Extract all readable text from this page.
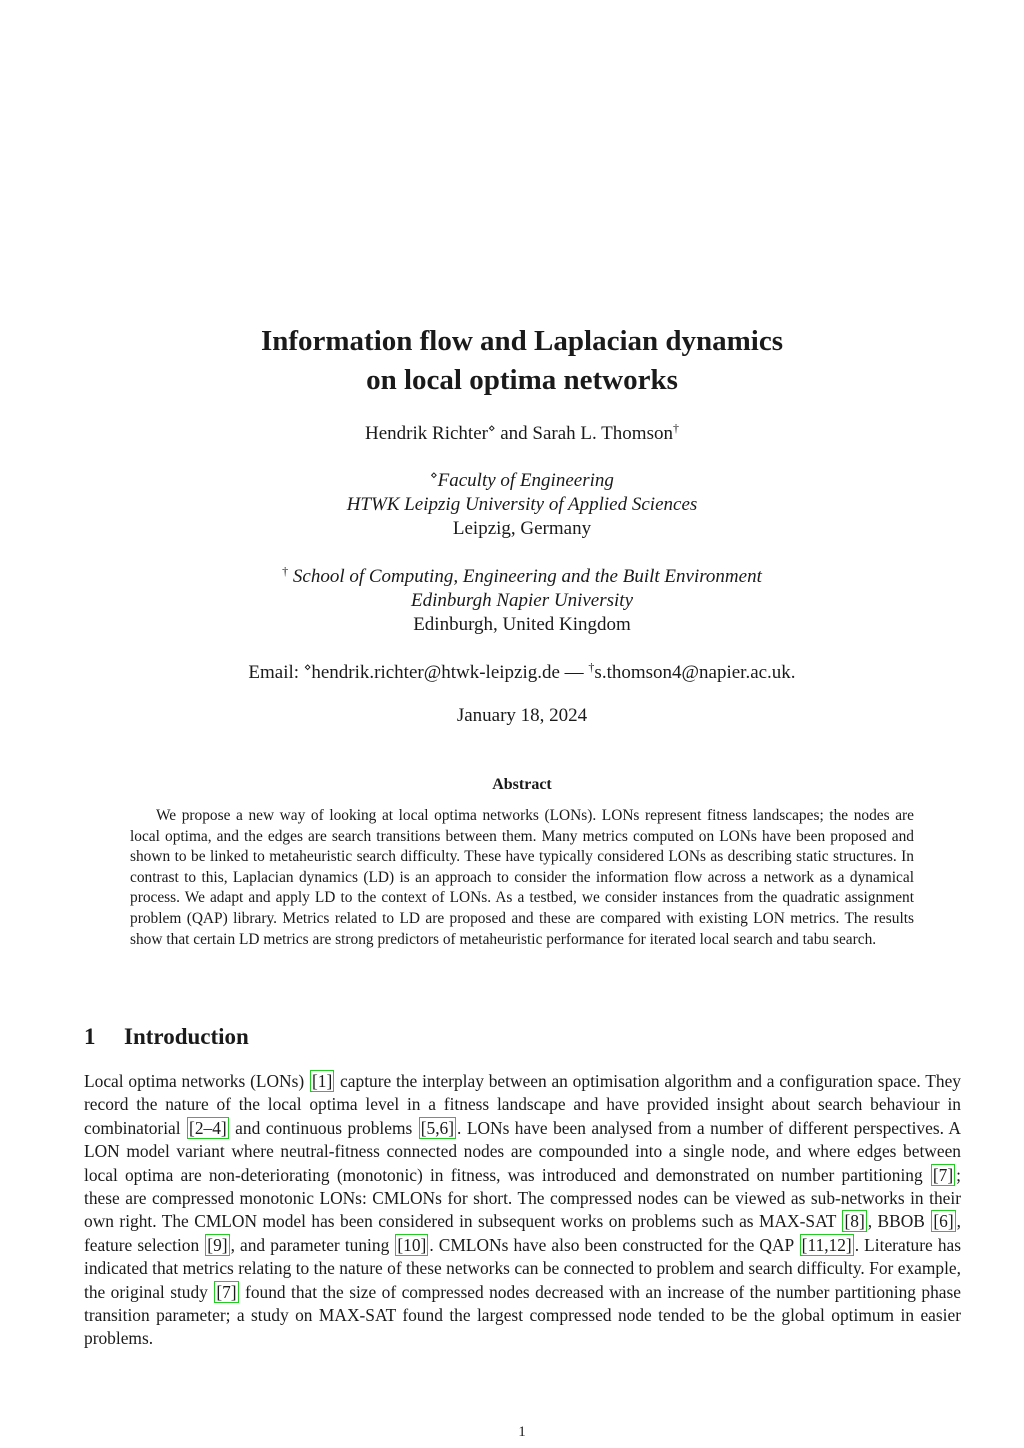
Information flow and Laplacian dynamics
on local optima networks
Hendrik Richter⋄ and Sarah L. Thomson†
⋄Faculty of Engineering
HTWK Leipzig University of Applied Sciences
Leipzig, Germany
† School of Computing, Engineering and the Built Environment
Edinburgh Napier University
Edinburgh, United Kingdom
Email: ⋄hendrik.richter@htwk-leipzig.de — †s.thomson4@napier.ac.uk.
January 18, 2024
Abstract
We propose a new way of looking at local optima networks (LONs). LONs represent fitness landscapes; the nodes are local optima, and the edges are search transitions between them. Many metrics computed on LONs have been proposed and shown to be linked to metaheuristic search difficulty. These have typically considered LONs as describing static structures. In contrast to this, Laplacian dynamics (LD) is an approach to consider the information flow across a network as a dynamical process. We adapt and apply LD to the context of LONs. As a testbed, we consider instances from the quadratic assignment problem (QAP) library. Metrics related to LD are proposed and these are compared with existing LON metrics. The results show that certain LD metrics are strong predictors of metaheuristic performance for iterated local search and tabu search.
1 Introduction
Local optima networks (LONs) [1] capture the interplay between an optimisation algorithm and a configuration space. They record the nature of the local optima level in a fitness landscape and have provided insight about search behaviour in combinatorial [2–4] and continuous problems [5,6] . LONs have been analysed from a number of different perspectives. A LON model variant where neutral-fitness connected nodes are compounded into a single node, and where edges between local optima are non-deteriorating (monotonic) in fitness, was introduced and demonstrated on number partitioning [7] ; these are compressed monotonic LONs: CMLONs for short. The compressed nodes can be viewed as sub-networks in their own right. The CMLON model has been considered in subsequent works on problems such as MAX-SAT [8] , BBOB [6] , feature selection [9] , and parameter tuning [10] . CMLONs have also been constructed for the QAP [11,12] . Literature has indicated that metrics relating to the nature of these networks can be connected to problem and search difficulty. For example, the original study [7] found that the size of compressed nodes decreased with an increase of the number partitioning phase transition parameter; a study on MAX-SAT found the largest compressed node tended to be the global optimum in easier problems.
1
